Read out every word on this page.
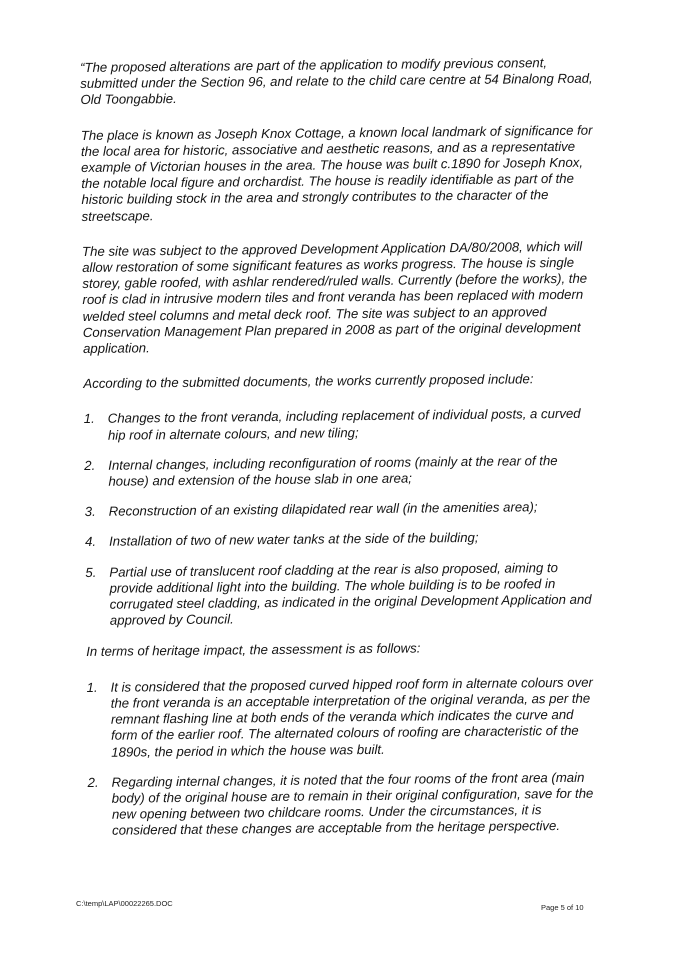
“The proposed alterations are part of the application to modify previous consent, submitted under the Section 96, and relate to the child care centre at 54 Binalong Road, Old Toongabbie.

The place is known as Joseph Knox Cottage, a known local landmark of significance for the local area for historic, associative and aesthetic reasons, and as a representative example of Victorian houses in the area. The house was built c.1890 for Joseph Knox, the notable local figure and orchardist. The house is readily identifiable as part of the historic building stock in the area and strongly contributes to the character of the streetscape.

The site was subject to the approved Development Application DA/80/2008, which will allow restoration of some significant features as works progress. The house is single storey, gable roofed, with ashlar rendered/ruled walls. Currently (before the works), the roof is clad in intrusive modern tiles and front veranda has been replaced with modern welded steel columns and metal deck roof. The site was subject to an approved Conservation Management Plan prepared in 2008 as part of the original development application.

According to the submitted documents, the works currently proposed include:

1. Changes to the front veranda, including replacement of individual posts, a curved hip roof in alternate colours, and new tiling;
2. Internal changes, including reconfiguration of rooms (mainly at the rear of the house) and extension of the house slab in one area;
3. Reconstruction of an existing dilapidated rear wall (in the amenities area);
4. Installation of two of new water tanks at the side of the building;
5. Partial use of translucent roof cladding at the rear is also proposed, aiming to provide additional light into the building. The whole building is to be roofed in corrugated steel cladding, as indicated in the original Development Application and approved by Council.

In terms of heritage impact, the assessment is as follows:

1. It is considered that the proposed curved hipped roof form in alternate colours over the front veranda is an acceptable interpretation of the original veranda, as per the remnant flashing line at both ends of the veranda which indicates the curve and form of the earlier roof. The alternated colours of roofing are characteristic of the 1890s, the period in which the house was built.
2. Regarding internal changes, it is noted that the four rooms of the front area (main body) of the original house are to remain in their original configuration, save for the new opening between two childcare rooms. Under the circumstances, it is considered that these changes are acceptable from the heritage perspective.
C:\temp\LAP\00022265.DOC	Page 5 of 10
